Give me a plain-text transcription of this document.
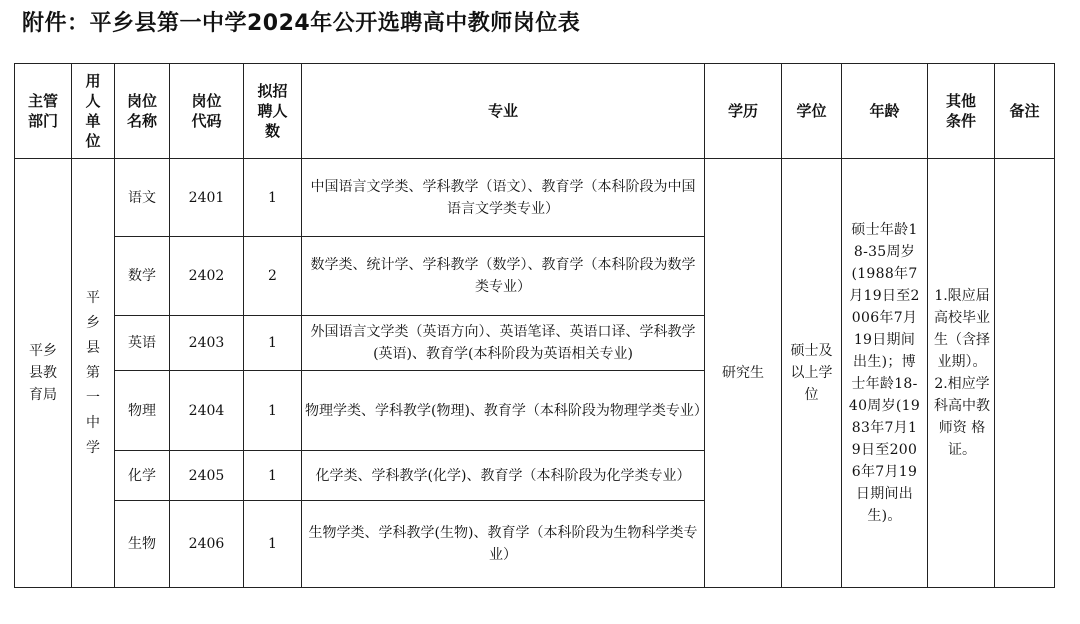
附件：平乡县第一中学2024年公开选聘高中教师岗位表
主管部门	用人单位	岗位名称	岗位代码	拟招聘人数	专业	学历	学位	年龄	其他条件	备注

平乡县教育局	平乡县第一中学	语文	2401	1	中国语言文学类、学科教学（语文）、教育学（本科阶段为中国语言文学类专业）	研究生	硕士及以上学位	硕士年龄18-35周岁(1988年7月19日至2006年7月19日期间出生)；博士年龄18-40周岁(1983年7月19日至2006年7月19日期间出生)。	1.限应届高校毕业生（含择业期）。2.相应学科高中教师资 格证。	

		数学	2402	2	数学类、统计学、学科教学（数学）、教育学（本科阶段为数学类专业）					
		英语	2403	1	外国语言文学类（英语方向）、英语笔译、英语口译、学科教学(英语)、教育学(本科阶段为英语相关专业)					
		物理	2404	1	物理学类、学科教学(物理)、教育学（本科阶段为物理学类专业）					
		化学	2405	1	化学类、学科教学(化学)、教育学（本科阶段为化学类专业）					
		生物	2406	1	生物学类、学科教学(生物)、教育学（本科阶段为生物科学类专业）					
